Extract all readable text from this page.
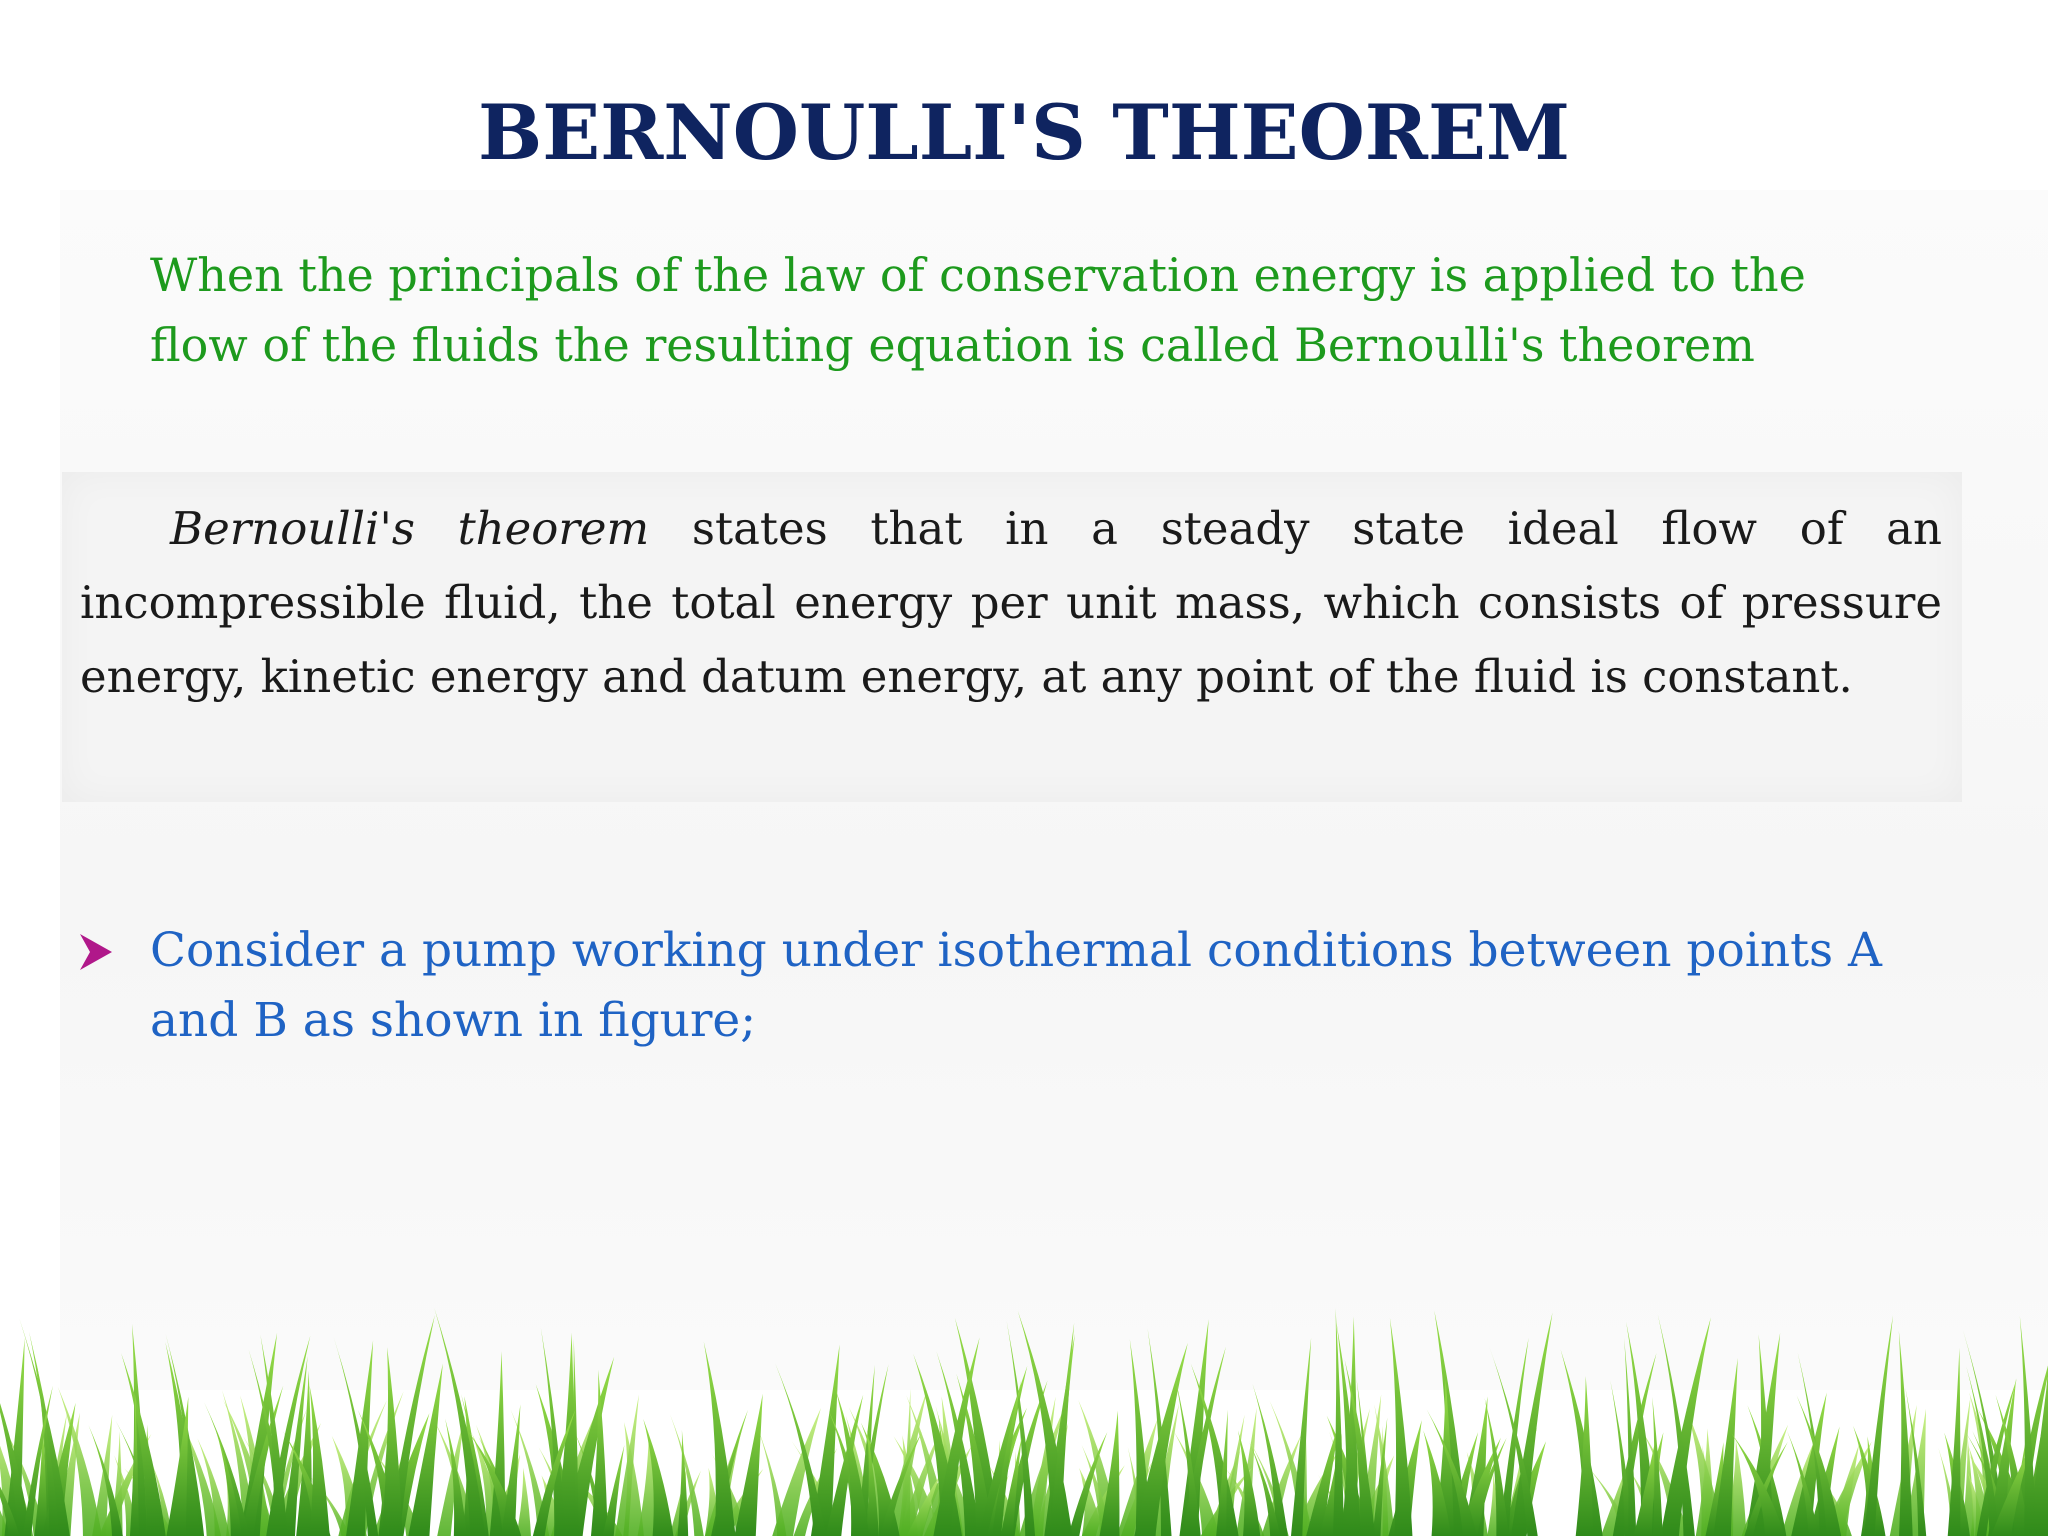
BERNOULLI'S THEOREM

When the principals of the law of conservation energy is applied to the flow of the fluids the resulting equation is called Bernoulli's theorem

Bernoulli's theorem states that in a steady state ideal flow of an incompressible fluid, the total energy per unit mass, which consists of pressure energy, kinetic energy and datum energy, at any point of the fluid is constant.

Consider a pump working under isothermal conditions between points A and B as shown in figure;
